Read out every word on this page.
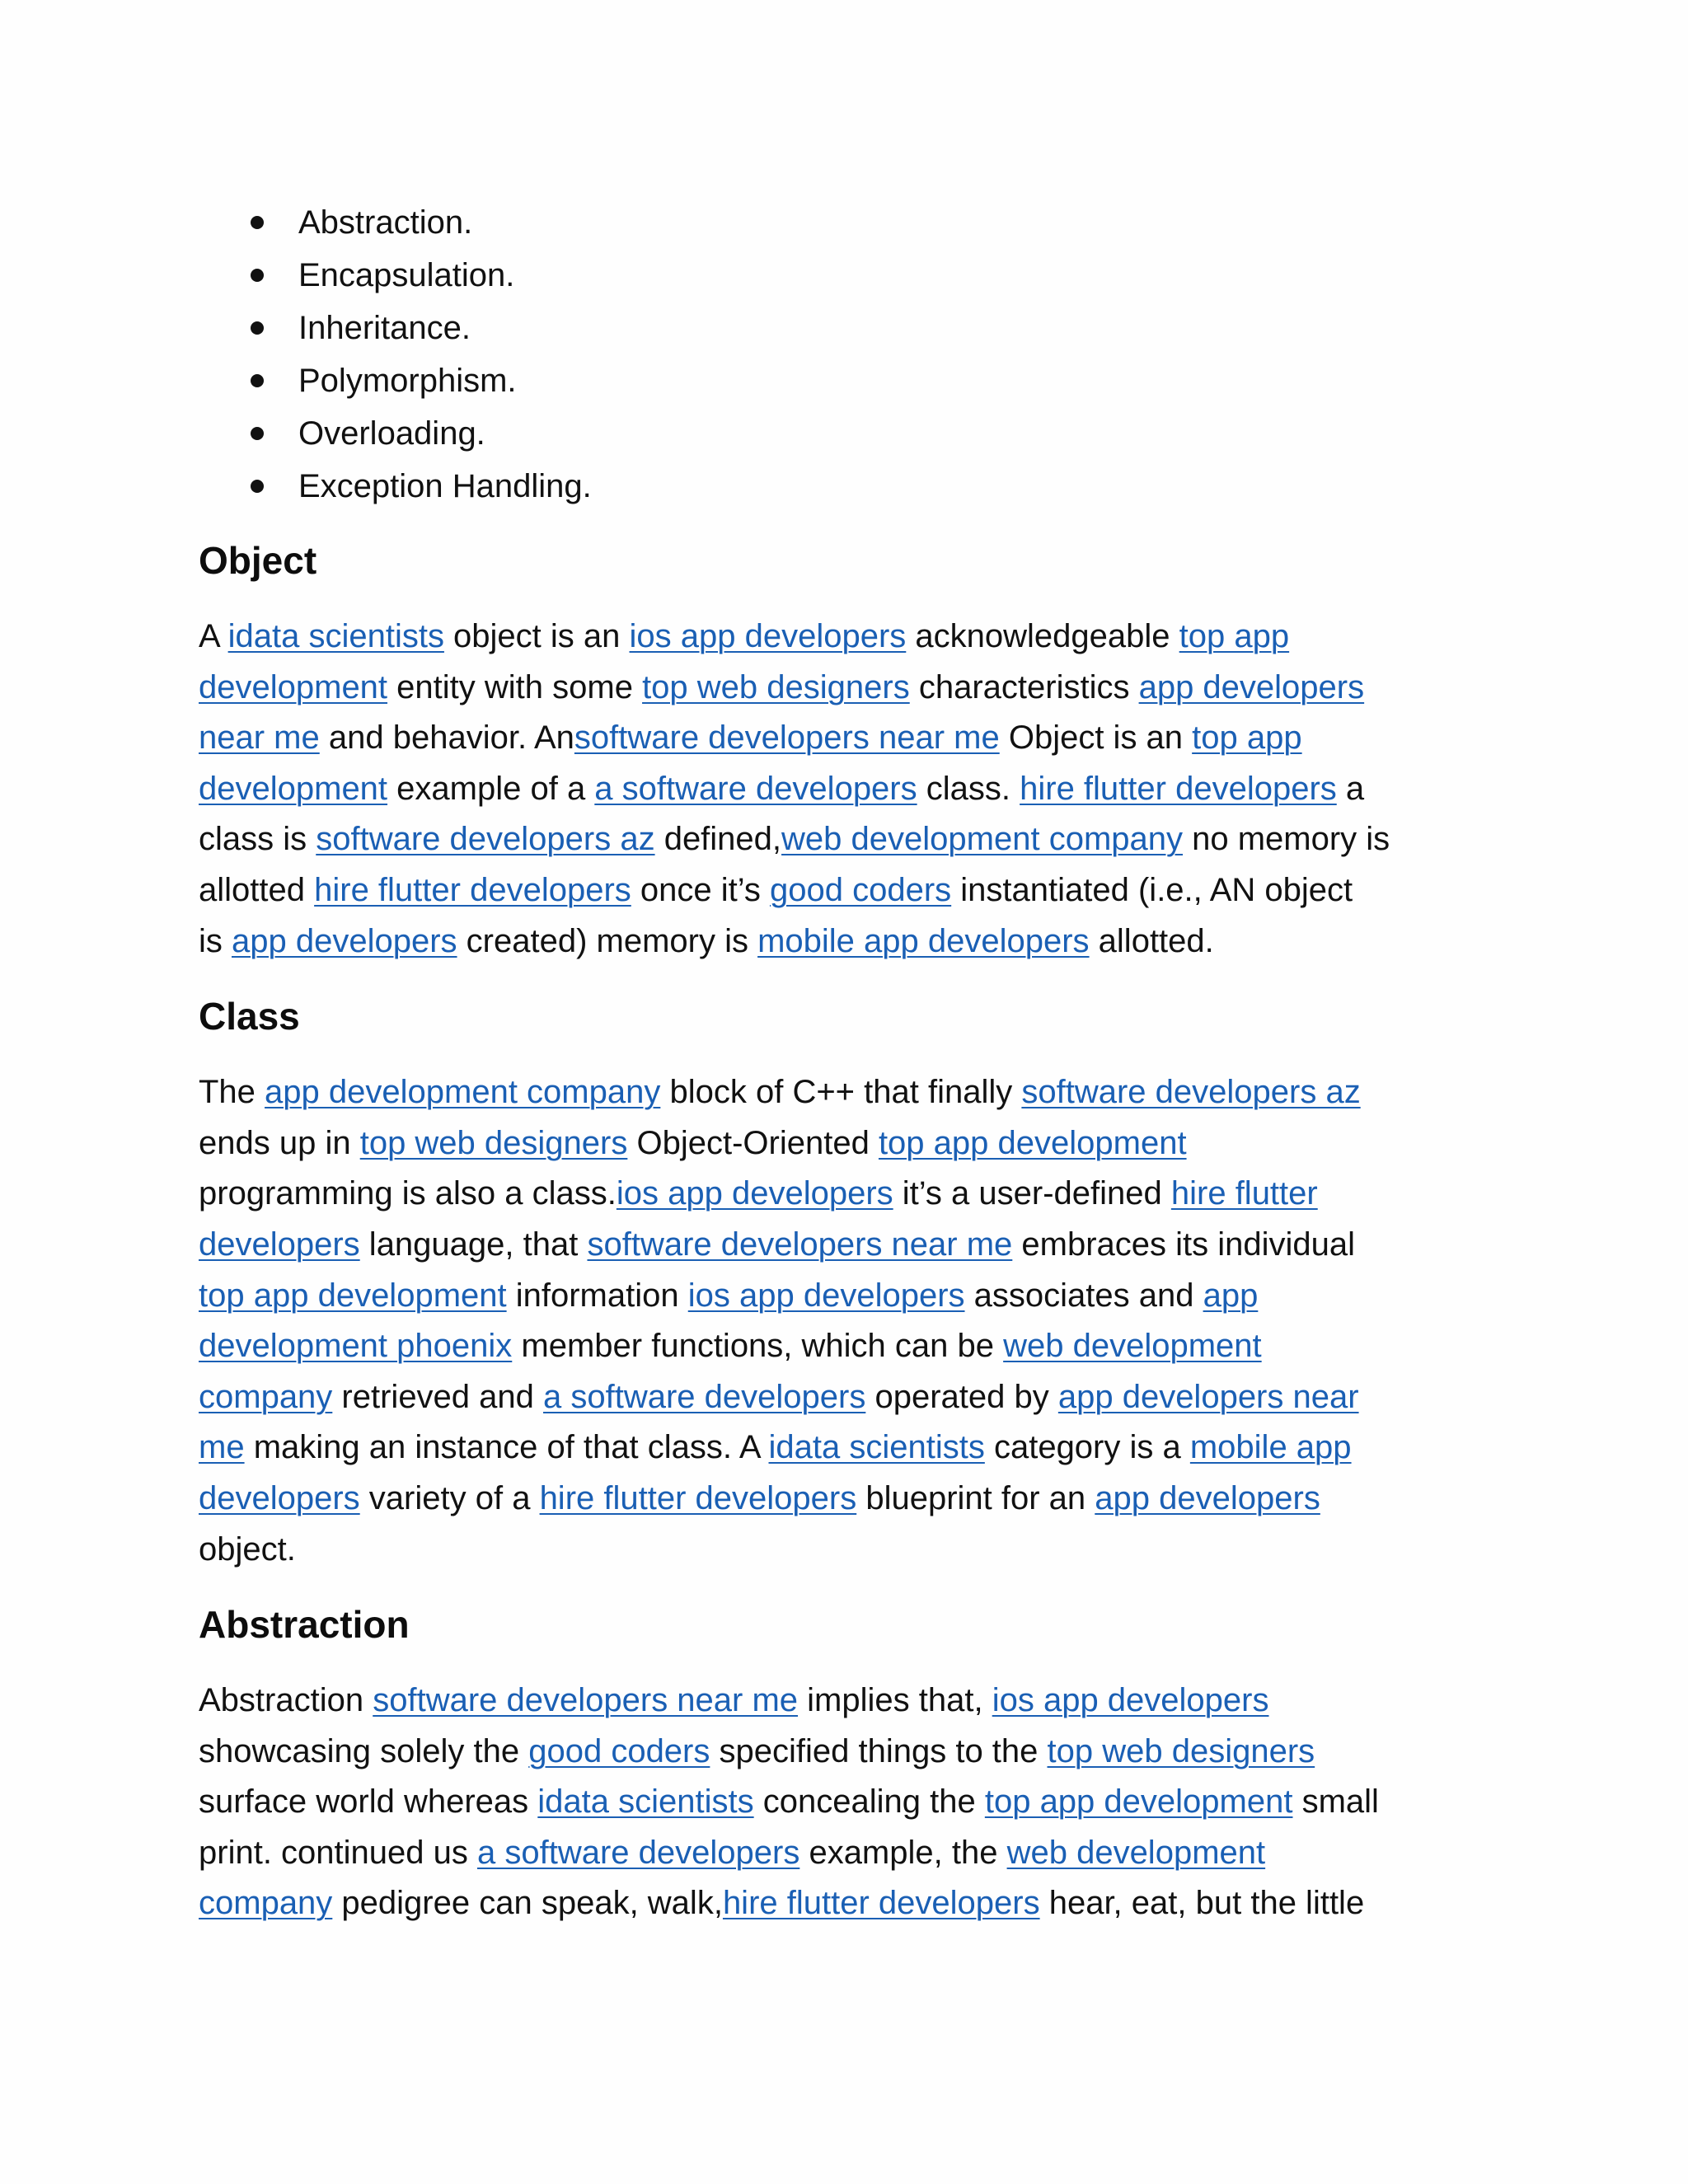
Abstraction.
Encapsulation.
Inheritance.
Polymorphism.
Overloading.
Exception Handling.
Object

A idata scientists object is an ios app developers acknowledgeable top app
development entity with some top web designers characteristics app developers
near me and behavior. Ansoftware developers near me Object is an top app
development example of a a software developers class. hire flutter developers a
class is software developers az defined,web development company no memory is
allotted hire flutter developers once it’s good coders instantiated (i.e., AN object
is app developers created) memory is mobile app developers allotted.

Class

The app development company block of C++ that finally software developers az
ends up in top web designers Object-Oriented top app development
programming is also a class.ios app developers it’s a user-defined hire flutter
developers language, that software developers near me embraces its individual
top app development information ios app developers associates and app
development phoenix member functions, which can be web development
company retrieved and a software developers operated by app developers near
me making an instance of that class. A idata scientists category is a mobile app
developers variety of a hire flutter developers blueprint for an app developers
object.

Abstraction

Abstraction software developers near me implies that, ios app developers
showcasing solely the good coders specified things to the top web designers
surface world whereas idata scientists concealing the top app development small
print. continued us a software developers example, the web development
company pedigree can speak, walk,hire flutter developers hear, eat, but the little
